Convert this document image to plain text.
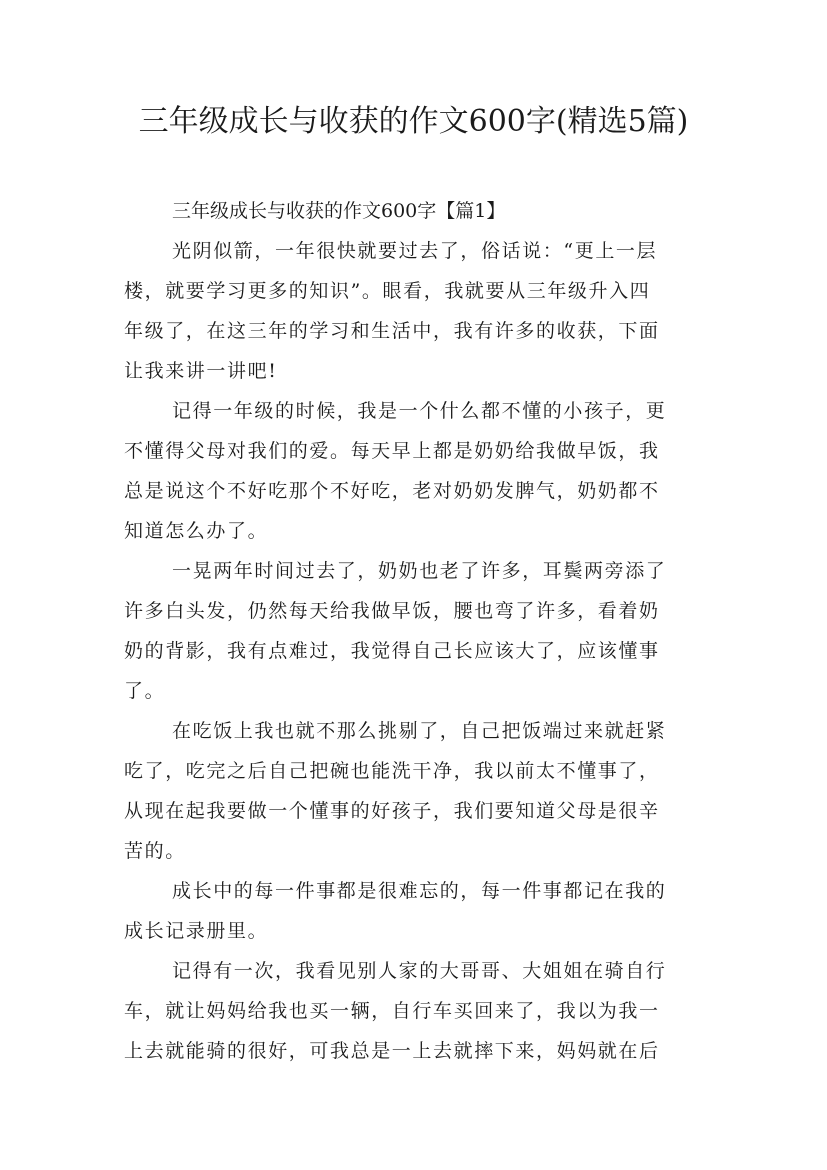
三年级成长与收获的作文600字(精选5篇)

三年级成长与收获的作文600字【篇1】

光阴似箭，一年很快就要过去了，俗话说：“更上一层
楼，就要学习更多的知识”。眼看，我就要从三年级升入四
年级了，在这三年的学习和生活中，我有许多的收获，下面
让我来讲一讲吧!
记得一年级的时候，我是一个什么都不懂的小孩子，更
不懂得父母对我们的爱。每天早上都是奶奶给我做早饭，我
总是说这个不好吃那个不好吃，老对奶奶发脾气，奶奶都不
知道怎么办了。
一晃两年时间过去了，奶奶也老了许多，耳鬓两旁添了
许多白头发，仍然每天给我做早饭，腰也弯了许多，看着奶
奶的背影，我有点难过，我觉得自己长应该大了，应该懂事
了。
在吃饭上我也就不那么挑剔了，自己把饭端过来就赶紧
吃了，吃完之后自己把碗也能洗干净，我以前太不懂事了，
从现在起我要做一个懂事的好孩子，我们要知道父母是很辛
苦的。
成长中的每一件事都是很难忘的，每一件事都记在我的
成长记录册里。
记得有一次，我看见别人家的大哥哥、大姐姐在骑自行
车，就让妈妈给我也买一辆，自行车买回来了，我以为我一
上去就能骑的很好，可我总是一上去就摔下来，妈妈就在后
